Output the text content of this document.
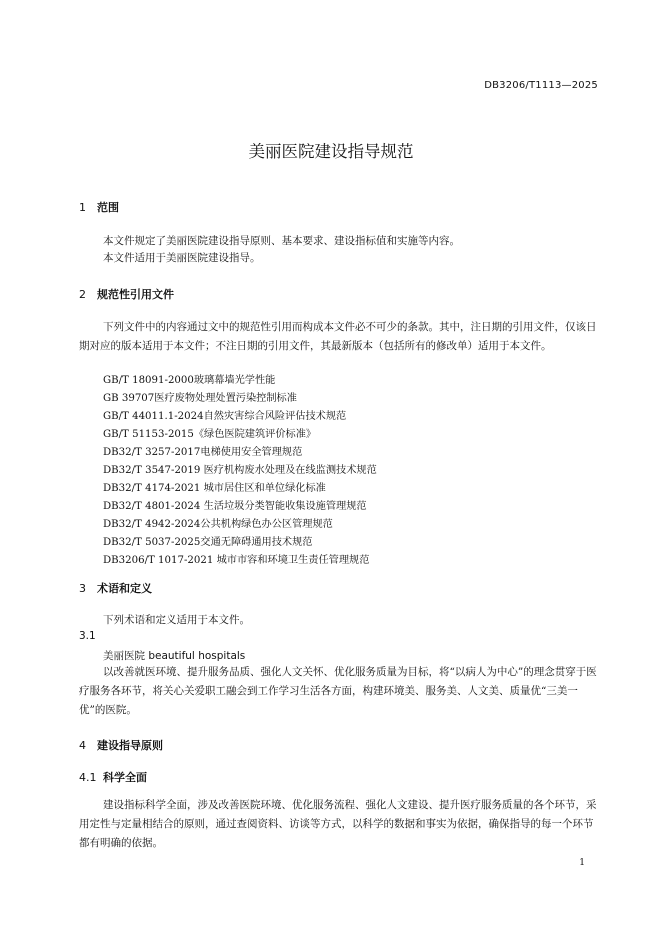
DB3206/T1113—2025
美丽医院建设指导规范
1 范围
本文件规定了美丽医院建设指导原则、基本要求、建设指标值和实施等内容。
本文件适用于美丽医院建设指导。
2 规范性引用文件
下列文件中的内容通过文中的规范性引用而构成本文件必不可少的条款。其中，注日期的引用文件，仅该日期对应的版本适用于本文件；不注日期的引用文件，其最新版本（包括所有的修改单）适用于本文件。
GB/T 18091-2000玻璃幕墙光学性能
GB 39707医疗废物处理处置污染控制标准
GB/T 44011.1-2024自然灾害综合风险评估技术规范
GB/T 51153-2015《绿色医院建筑评价标准》
DB32/T 3257-2017电梯使用安全管理规范
DB32/T 3547-2019 医疗机构废水处理及在线监测技术规范
DB32/T 4174-2021 城市居住区和单位绿化标准
DB32/T 4801-2024 生活垃圾分类智能收集设施管理规范
DB32/T 4942-2024公共机构绿色办公区管理规范
DB32/T 5037-2025交通无障碍通用技术规范
DB3206/T 1017-2021 城市市容和环境卫生责任管理规范
3 术语和定义
下列术语和定义适用于本文件。
3.1
美丽医院 beautiful hospitals
以改善就医环境、提升服务品质、强化人文关怀、优化服务质量为目标，将“以病人为中心”的理念贯穿于医疗服务各环节，将关心关爱职工融会到工作学习生活各方面，构建环境美、服务美、人文美、质量优“三美一优”的医院。
4 建设指导原则
4.1 科学全面
建设指标科学全面，涉及改善医院环境、优化服务流程、强化人文建设、提升医疗服务质量的各个环节，采用定性与定量相结合的原则，通过查阅资料、访谈等方式，以科学的数据和事实为依据，确保指导的每一个环节都有明确的依据。
1
